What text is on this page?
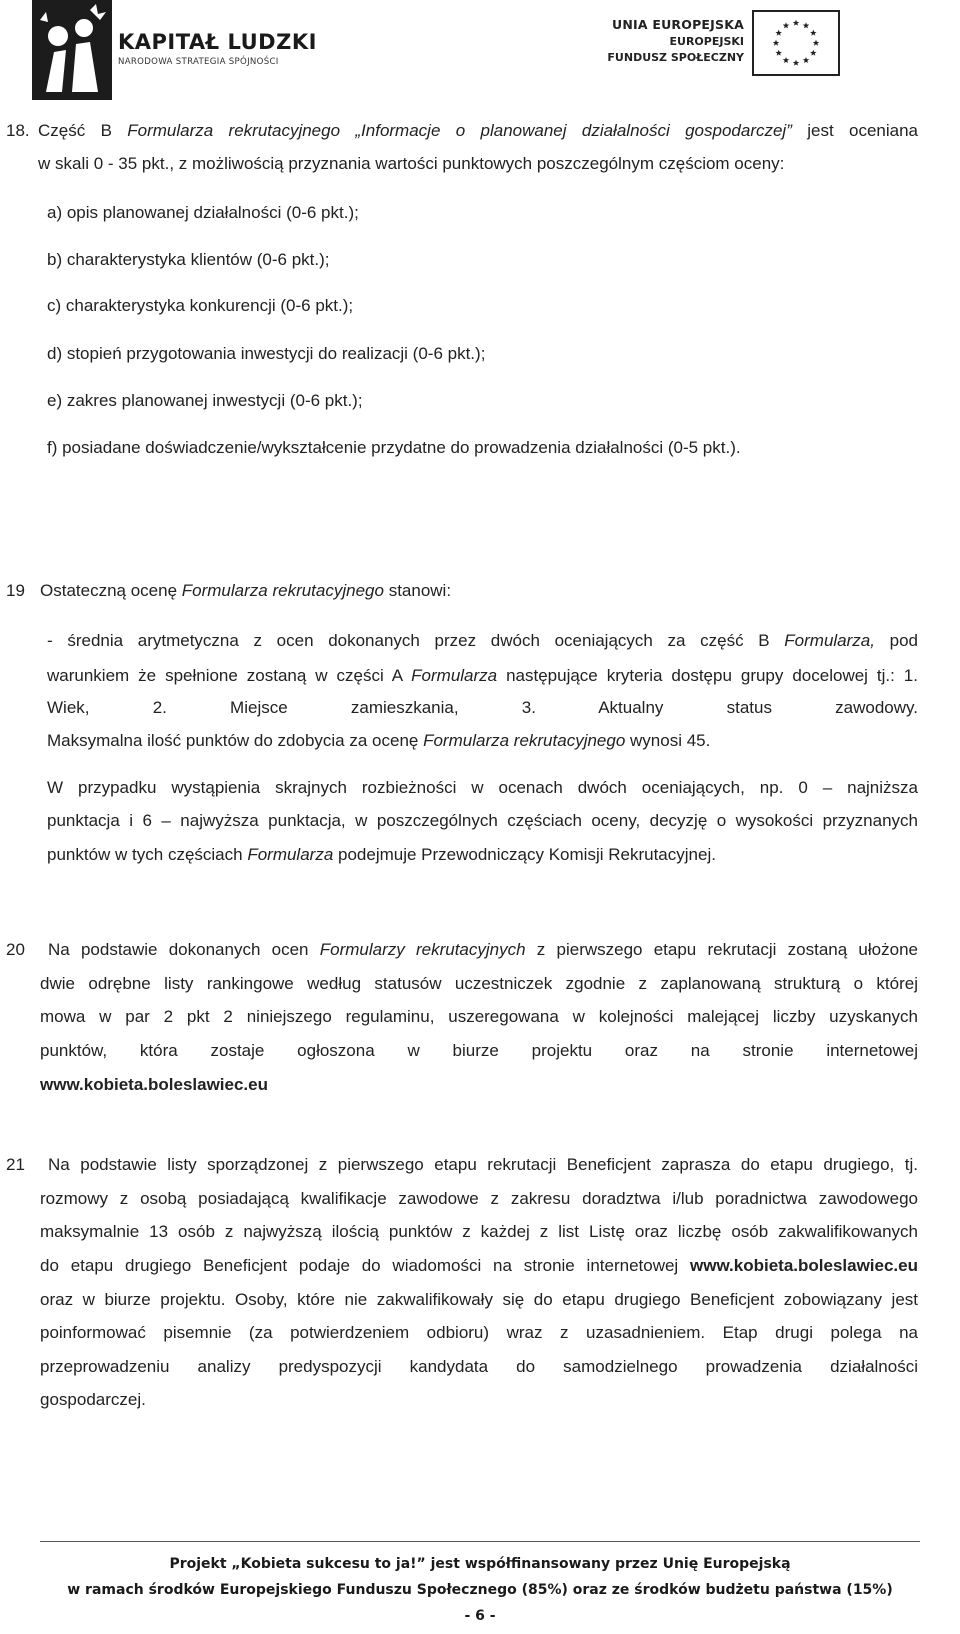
KAPITAŁ LUDZKI
NARODOWA STRATEGIA SPÓJNOŚCI
UNIA EUROPEJSKA
EUROPEJSKI
FUNDUSZ SPOŁECZNY
18. Część B Formularza rekrutacyjnego „Informacje o planowanej działalności gospodarczej” jest oceniana
w skali 0 - 35 pkt., z możliwością przyznania wartości punktowych poszczególnym częściom oceny:
a) opis planowanej działalności (0-6 pkt.);
b) charakterystyka klientów (0-6 pkt.);
c) charakterystyka konkurencji (0-6 pkt.);
d) stopień przygotowania inwestycji do realizacji (0-6 pkt.);
e) zakres planowanej inwestycji (0-6 pkt.);
f) posiadane doświadczenie/wykształcenie przydatne do prowadzenia działalności (0-5 pkt.).
19 Ostateczną ocenę Formularza rekrutacyjnego stanowi:
- średnia arytmetyczna z ocen dokonanych przez dwóch oceniających za część B Formularza, pod
warunkiem że spełnione zostaną w części A Formularza następujące kryteria dostępu grupy docelowej tj.: 1.
Wiek, 2. Miejsce zamieszkania, 3. Aktualny status zawodowy.
Maksymalna ilość punktów do zdobycia za ocenę Formularza rekrutacyjnego wynosi 45.
W przypadku wystąpienia skrajnych rozbieżności w ocenach dwóch oceniających, np. 0 – najniższa
punktacja i 6 – najwyższa punktacja, w poszczególnych częściach oceny, decyzję o wysokości przyznanych
punktów w tych częściach Formularza podejmuje Przewodniczący Komisji Rekrutacyjnej.
20 Na podstawie dokonanych ocen Formularzy rekrutacyjnych z pierwszego etapu rekrutacji zostaną ułożone
dwie odrębne listy rankingowe według statusów uczestniczek zgodnie z zaplanowaną strukturą o której
mowa w par 2 pkt 2 niniejszego regulaminu, uszeregowana w kolejności malejącej liczby uzyskanych
punktów, która zostaje ogłoszona w biurze projektu oraz na stronie internetowej
www.kobieta.boleslawiec.eu
21 Na podstawie listy sporządzonej z pierwszego etapu rekrutacji Beneficjent zaprasza do etapu drugiego, tj.
rozmowy z osobą posiadającą kwalifikacje zawodowe z zakresu doradztwa i/lub poradnictwa zawodowego
maksymalnie 13 osób z najwyższą ilością punktów z każdej z list Listę oraz liczbę osób zakwalifikowanych
do etapu drugiego Beneficjent podaje do wiadomości na stronie internetowej www.kobieta.boleslawiec.eu
oraz w biurze projektu. Osoby, które nie zakwalifikowały się do etapu drugiego Beneficjent zobowiązany jest
poinformować pisemnie (za potwierdzeniem odbioru) wraz z uzasadnieniem. Etap drugi polega na
przeprowadzeniu analizy predyspozycji kandydata do samodzielnego prowadzenia działalności
gospodarczej.
Projekt „Kobieta sukcesu to ja!” jest współfinansowany przez Unię Europejską
w ramach środków Europejskiego Funduszu Społecznego (85%) oraz ze środków budżetu państwa (15%)
- 6 -
